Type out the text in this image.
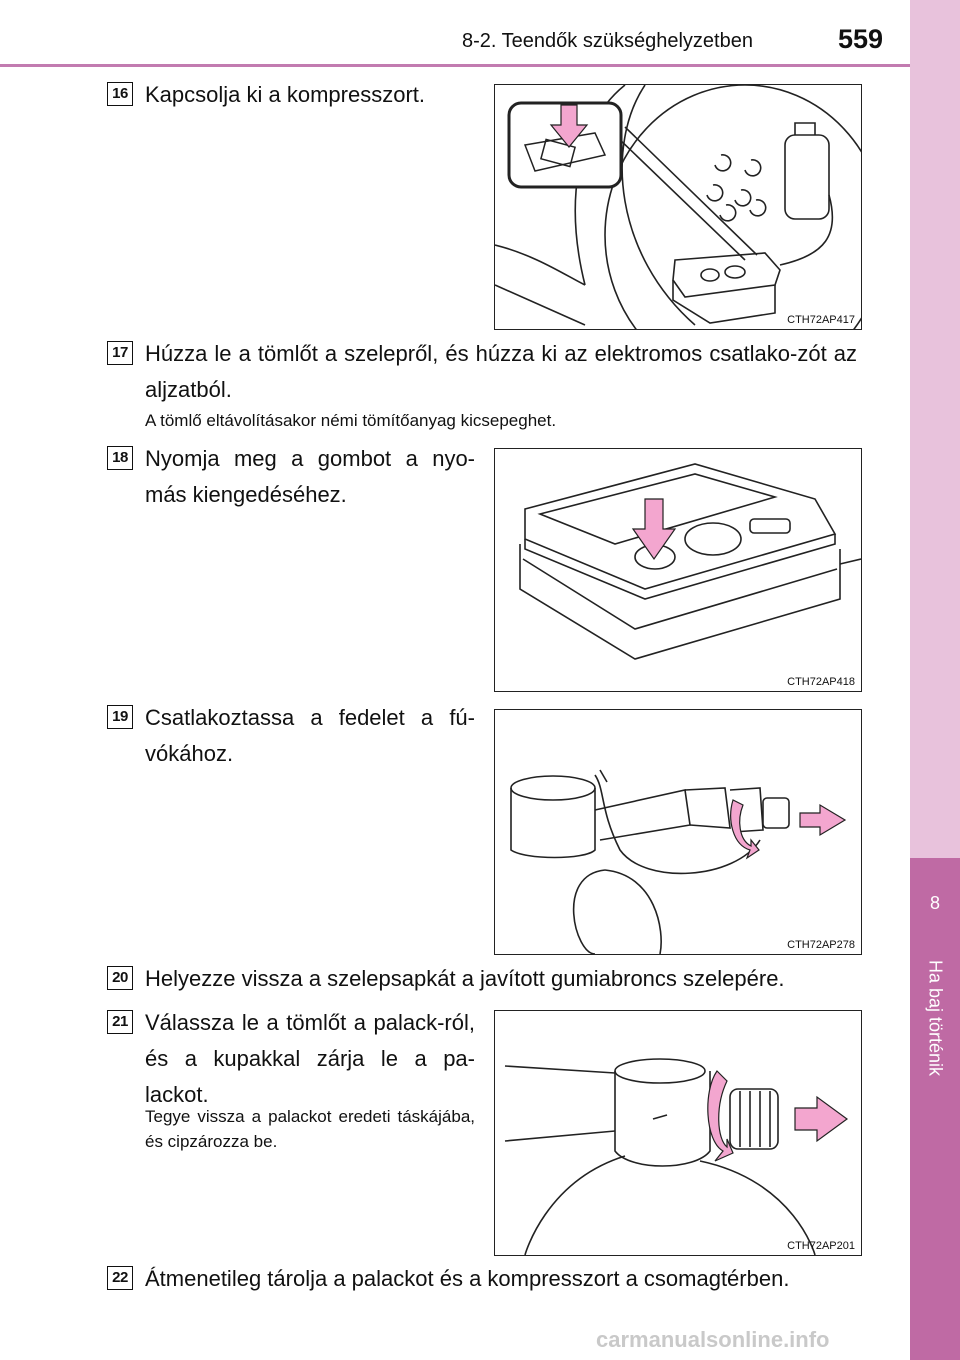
8-2. Teendők szükséghelyzetben	559
8
Ha baj történik
16 Kapcsolja ki a kompresszort.
CTH72AP417
17 Húzza le a tömlőt a szelepről, és húzza ki az elektromos csatlako-zót az aljzatból.
A tömlő eltávolításakor némi tömítőanyag kicsepeghet.
18 Nyomja meg a gombot a nyo-más kiengedéséhez.
CTH72AP418
19 Csatlakoztassa a fedelet a fú-vókához.
CTH72AP278
20 Helyezze vissza a szelepsapkát a javított gumiabroncs szelepére.
21 Válassza le a tömlőt a palack-ról, és a kupakkal zárja le a pa-lackot.
Tegye vissza a palackot eredeti táskájába, és cipzározza be.
CTH72AP201
22 Átmenetileg tárolja a palackot és a kompresszort a csomagtérben.
carmanualsonline.info
